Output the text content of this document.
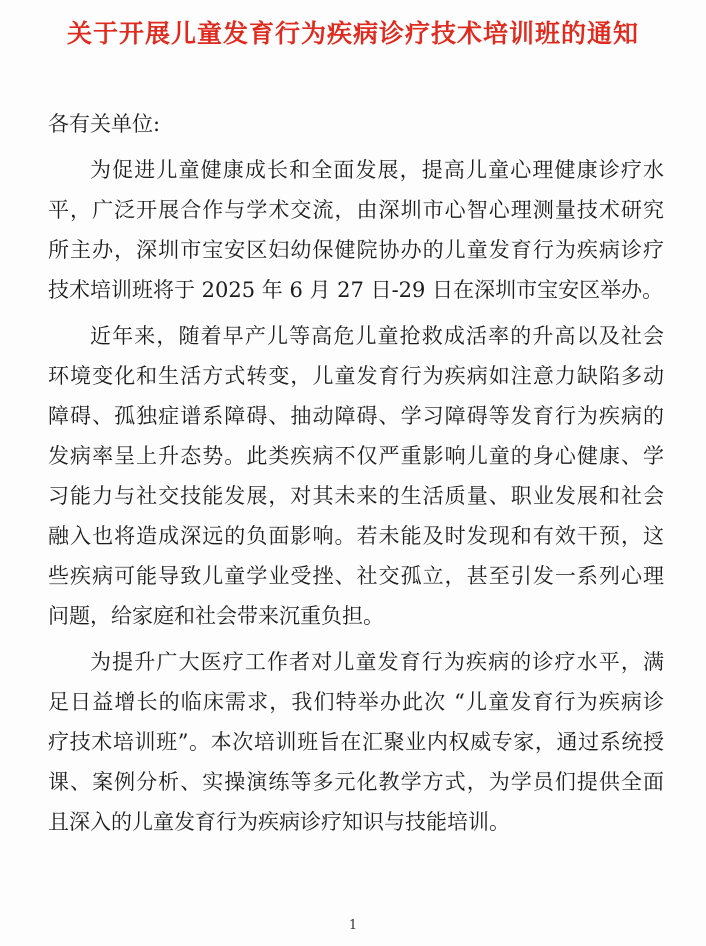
关于开展儿童发育行为疾病诊疗技术培训班的通知
各有关单位:
为促进儿童健康成长和全面发展，提高儿童心理健康诊疗水
平，广泛开展合作与学术交流，由深圳市心智心理测量技术研究
所主办，深圳市宝安区妇幼保健院协办的儿童发育行为疾病诊疗
技术培训班将于 2025 年 6 月 27 日-29 日在深圳市宝安区举办。
近年来，随着早产儿等高危儿童抢救成活率的升高以及社会
环境变化和生活方式转变，儿童发育行为疾病如注意力缺陷多动
障碍、孤独症谱系障碍、抽动障碍、学习障碍等发育行为疾病的
发病率呈上升态势。此类疾病不仅严重影响儿童的身心健康、学
习能力与社交技能发展，对其未来的生活质量、职业发展和社会
融入也将造成深远的负面影响。若未能及时发现和有效干预，这
些疾病可能导致儿童学业受挫、社交孤立，甚至引发一系列心理
问题，给家庭和社会带来沉重负担。
为提升广大医疗工作者对儿童发育行为疾病的诊疗水平，满
足日益增长的临床需求，我们特举办此次 “儿童发育行为疾病诊
疗技术培训班”。本次培训班旨在汇聚业内权威专家，通过系统授
课、案例分析、实操演练等多元化教学方式，为学员们提供全面
且深入的儿童发育行为疾病诊疗知识与技能培训。
1
